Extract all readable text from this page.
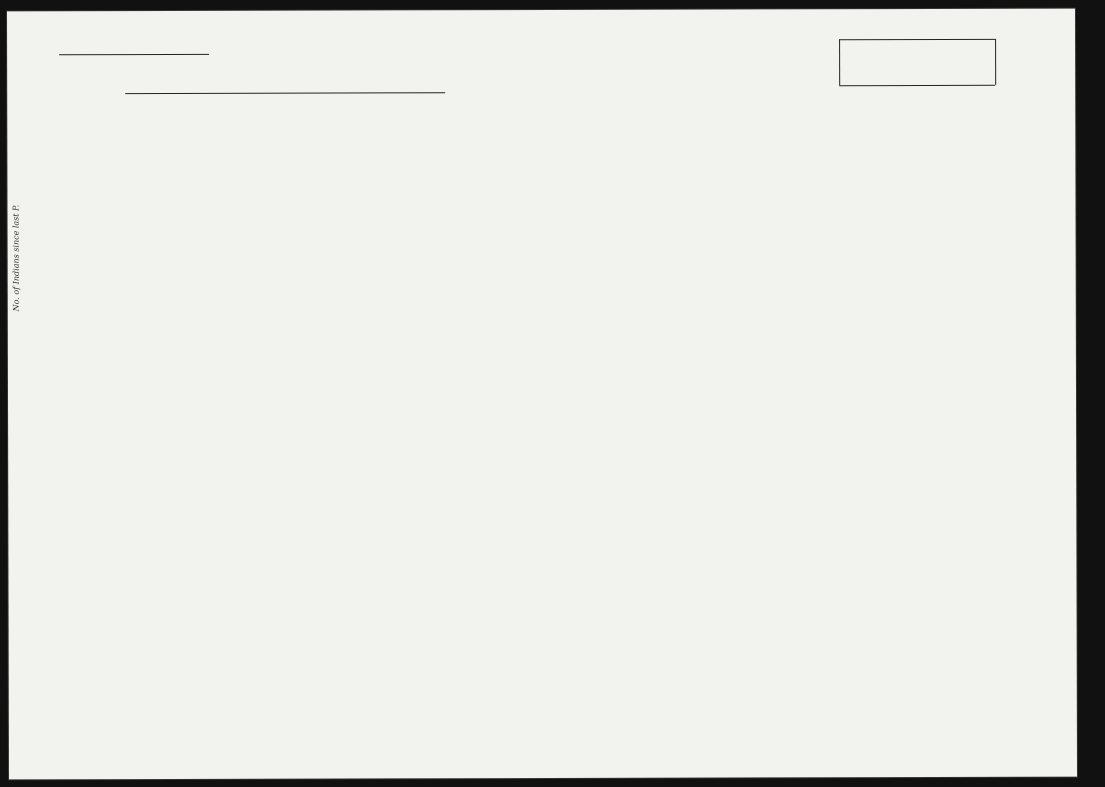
No. of Indians since last P.
